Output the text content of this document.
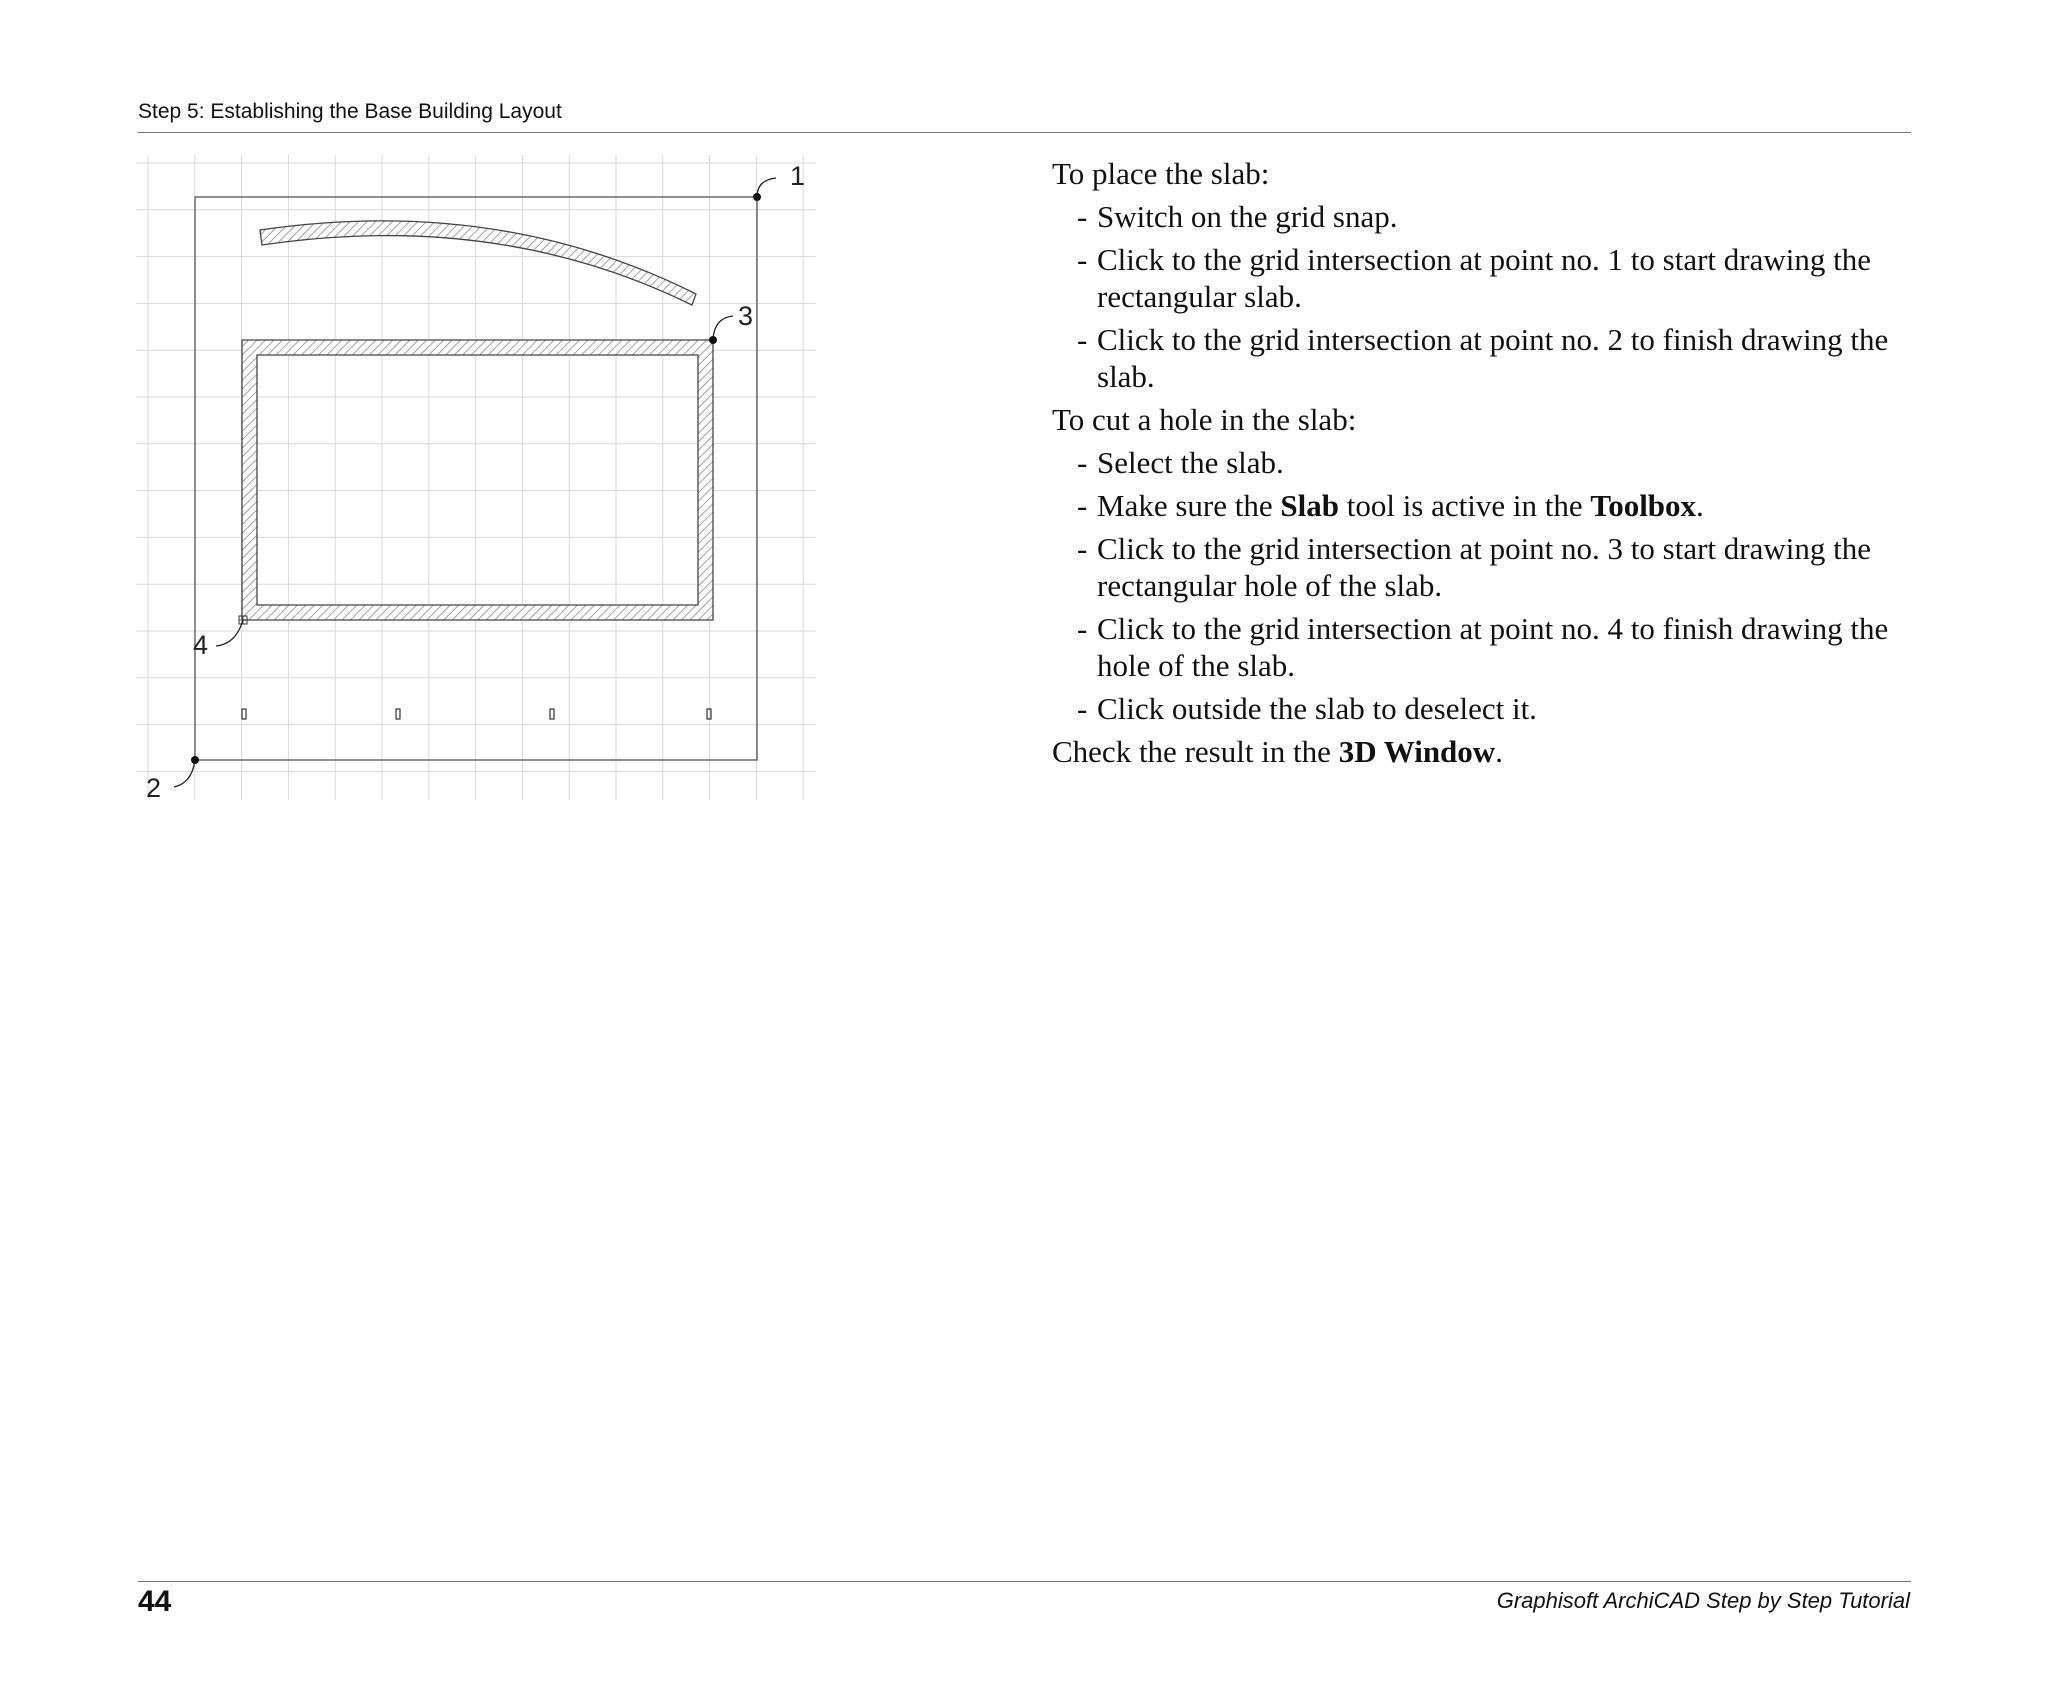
Step 5: Establishing the Base Building Layout
1
2
3
4

To place the slab:

- Switch on the grid snap.
- Click to the grid intersection at point no. 1 to start drawing the rectangular slab.
- Click to the grid intersection at point no. 2 to finish drawing the slab.

To cut a hole in the slab:

- Select the slab.
- Make sure the Slab tool is active in the Toolbox.
- Click to the grid intersection at point no. 3 to start drawing the rectangular hole of the slab.
- Click to the grid intersection at point no. 4 to finish drawing the hole of the slab.
- Click outside the slab to deselect it.

Check the result in the 3D Window.

44	Graphisoft ArchiCAD Step by Step Tutorial
